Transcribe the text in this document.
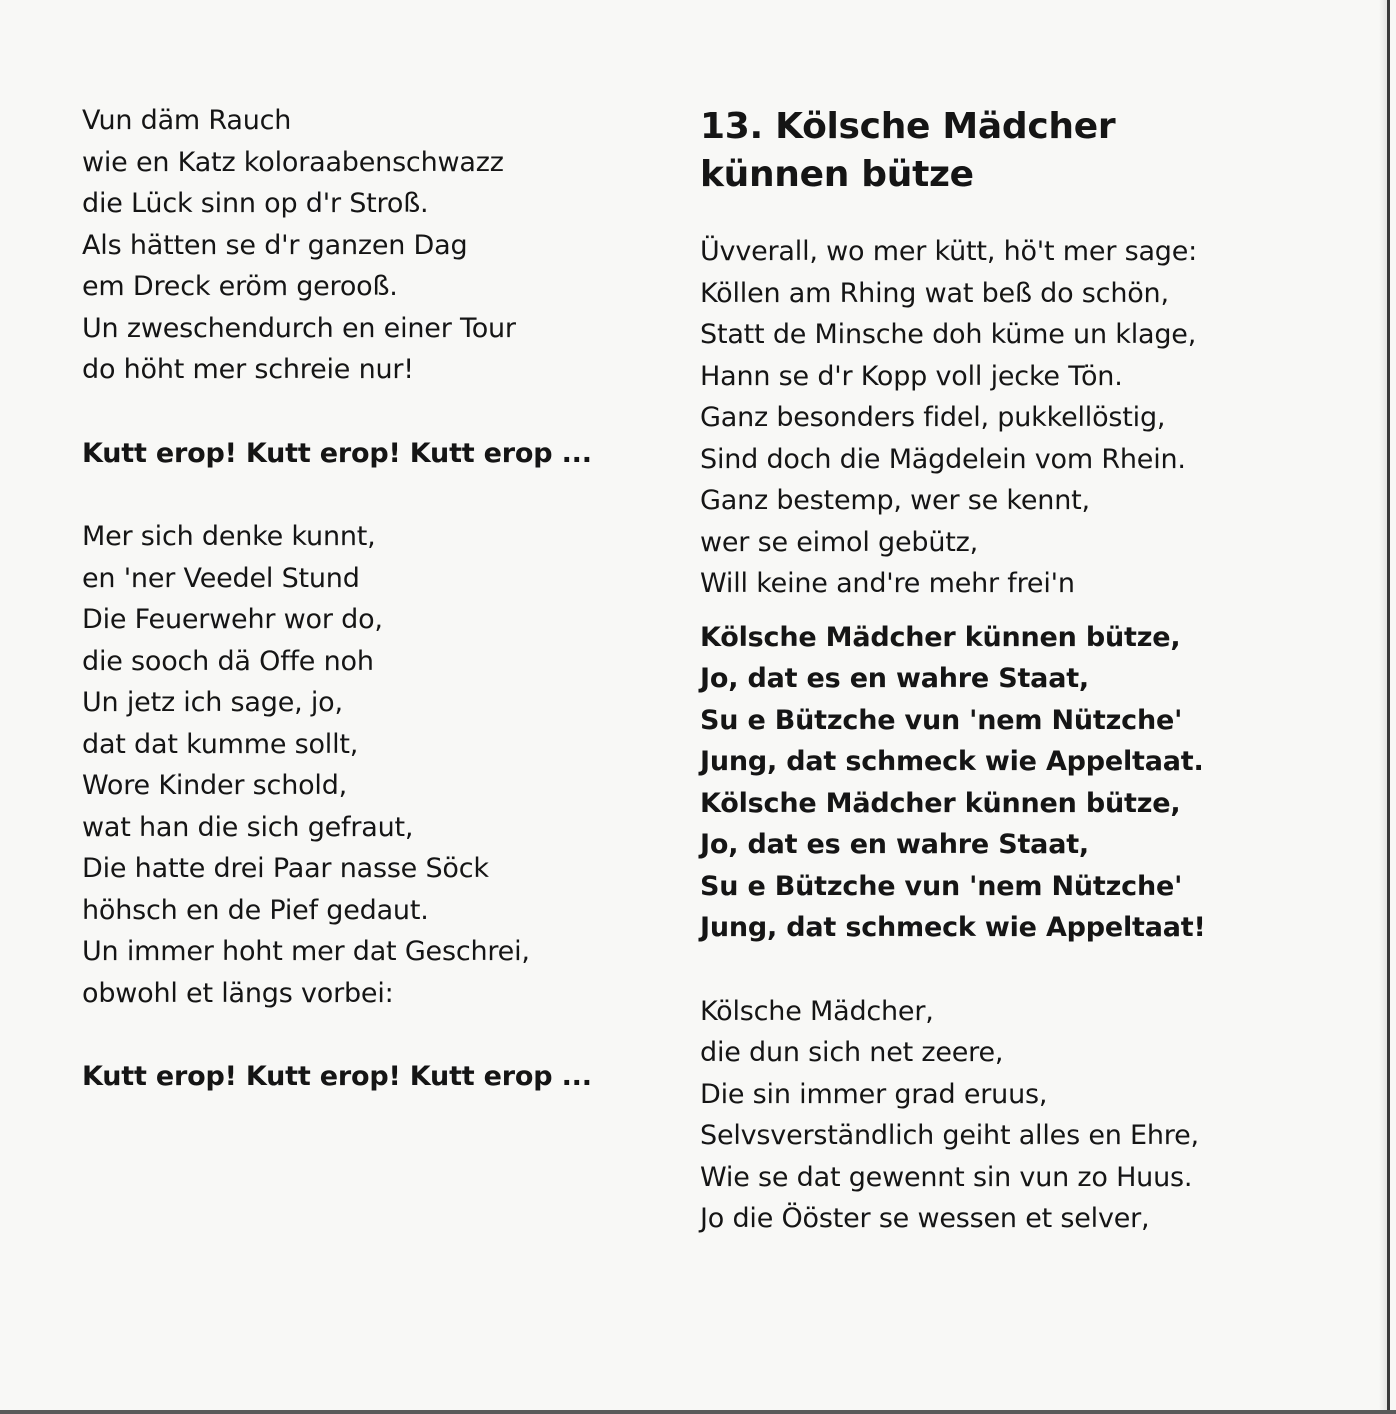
Vun däm Rauch
wie en Katz koloraabenschwazz
die Lück sinn op d'r Stroß.
Als hätten se d'r ganzen Dag
em Dreck eröm gerooß.
Un zweschendurch en einer Tour
do höht mer schreie nur!
Kutt erop! Kutt erop! Kutt erop ...
Mer sich denke kunnt,
en 'ner Veedel Stund
Die Feuerwehr wor do,
die sooch dä Offe noh
Un jetz ich sage, jo,
dat dat kumme sollt,
Wore Kinder schold,
wat han die sich gefraut,
Die hatte drei Paar nasse Söck
höhsch en de Pief gedaut.
Un immer hoht mer dat Geschrei,
obwohl et längs vorbei:
Kutt erop! Kutt erop! Kutt erop ...
13. Kölsche Mädcher
künnen bütze
Üvverall, wo mer kütt, hö't mer sage:
Köllen am Rhing wat beß do schön,
Statt de Minsche doh küme un klage,
Hann se d'r Kopp voll jecke Tön.
Ganz besonders fidel, pukkellöstig,
Sind doch die Mägdelein vom Rhein.
Ganz bestemp, wer se kennt,
wer se eimol gebütz,
Will keine and're mehr frei'n
Kölsche Mädcher künnen bütze,
Jo, dat es en wahre Staat,
Su e Bützche vun 'nem Nützche'
Jung, dat schmeck wie Appeltaat.
Kölsche Mädcher künnen bütze,
Jo, dat es en wahre Staat,
Su e Bützche vun 'nem Nützche'
Jung, dat schmeck wie Appeltaat!
Kölsche Mädcher,
die dun sich net zeere,
Die sin immer grad eruus,
Selvsverständlich geiht alles en Ehre,
Wie se dat gewennt sin vun zo Huus.
Jo die Ööster se wessen et selver,
